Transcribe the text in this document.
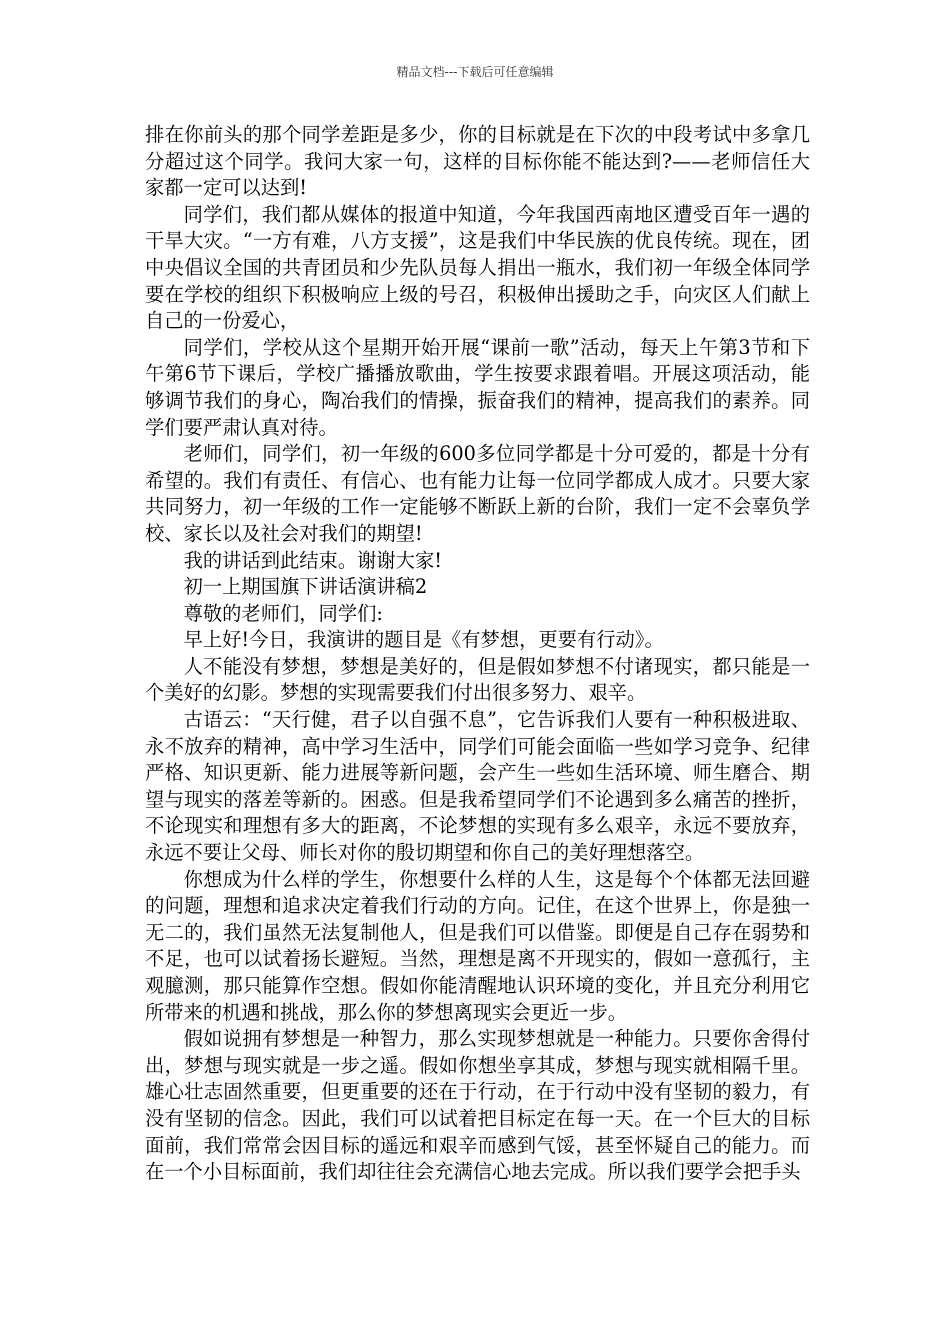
精品文档---下载后可任意编辑

排在你前头的那个同学差距是多少，你的目标就是在下次的中段考试中多拿几分超过这个同学。我问大家一句，这样的目标你能不能达到?——老师信任大家都一定可以达到!

同学们，我们都从媒体的报道中知道，今年我国西南地区遭受百年一遇的干旱大灾。“一方有难，八方支援”，这是我们中华民族的优良传统。现在，团中央倡议全国的共青团员和少先队员每人捐出一瓶水，我们初一年级全体同学要在学校的组织下积极响应上级的号召，积极伸出援助之手，向灾区人们献上自己的一份爱心，

同学们，学校从这个星期开始开展“课前一歌”活动，每天上午第3节和下午第6节下课后，学校广播播放歌曲，学生按要求跟着唱。开展这项活动，能够调节我们的身心，陶冶我们的情操，振奋我们的精神，提高我们的素养。同学们要严肃认真对待。

老师们，同学们，初一年级的600多位同学都是十分可爱的，都是十分有希望的。我们有责任、有信心、也有能力让每一位同学都成人成才。只要大家共同努力，初一年级的工作一定能够不断跃上新的台阶，我们一定不会辜负学校、家长以及社会对我们的期望!

我的讲话到此结束。谢谢大家!

初一上期国旗下讲话演讲稿2

尊敬的老师们，同学们:

早上好!今日，我演讲的题目是《有梦想，更要有行动》。

人不能没有梦想，梦想是美好的，但是假如梦想不付诸现实，都只能是一个美好的幻影。梦想的实现需要我们付出很多努力、艰辛。

古语云：“天行健，君子以自强不息”，它告诉我们人要有一种积极进取、永不放弃的精神，高中学习生活中，同学们可能会面临一些如学习竞争、纪律严格、知识更新、能力进展等新问题，会产生一些如生活环境、师生磨合、期望与现实的落差等新的。困惑。但是我希望同学们不论遇到多么痛苦的挫折，不论现实和理想有多大的距离，不论梦想的实现有多么艰辛，永远不要放弃，永远不要让父母、师长对你的殷切期望和你自己的美好理想落空。

你想成为什么样的学生，你想要什么样的人生，这是每个个体都无法回避的问题，理想和追求决定着我们行动的方向。记住，在这个世界上，你是独一无二的，我们虽然无法复制他人，但是我们可以借鉴。即便是自己存在弱势和不足，也可以试着扬长避短。当然，理想是离不开现实的，假如一意孤行，主观臆测，那只能算作空想。假如你能清醒地认识环境的变化，并且充分利用它所带来的机遇和挑战，那么你的梦想离现实会更近一步。

假如说拥有梦想是一种智力，那么实现梦想就是一种能力。只要你舍得付出，梦想与现实就是一步之遥。假如你想坐享其成，梦想与现实就相隔千里。雄心壮志固然重要，但更重要的还在于行动，在于行动中没有坚韧的毅力，有没有坚韧的信念。因此，我们可以试着把目标定在每一天。在一个巨大的目标面前，我们常常会因目标的遥远和艰辛而感到气馁，甚至怀疑自己的能力。而在一个小目标面前，我们却往往会充满信心地去完成。所以我们要学会把手头
